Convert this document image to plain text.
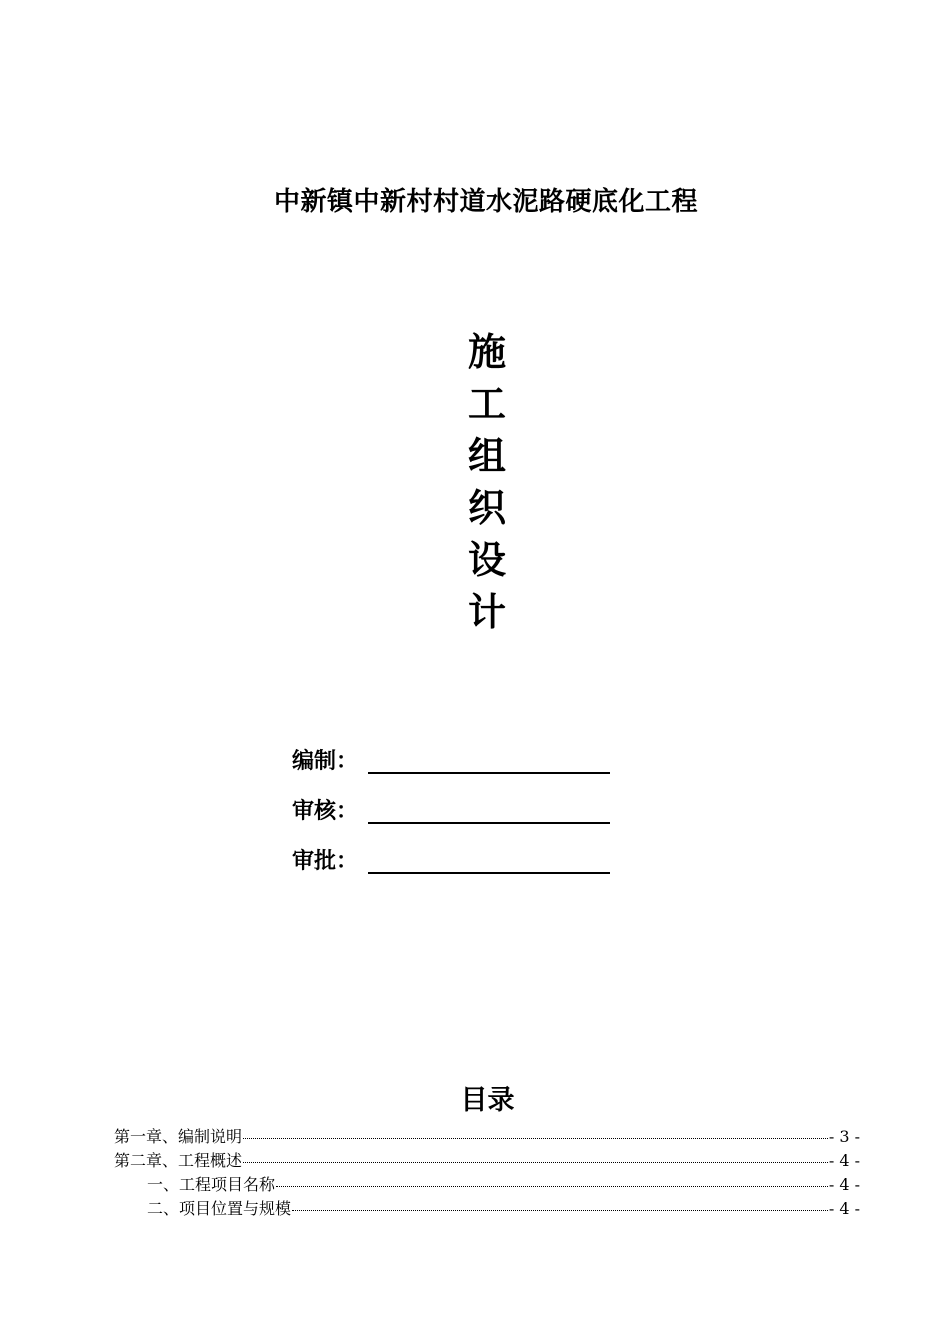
中新镇中新村村道水泥路硬底化工程
施
工
组
织
设
计
编制：
审核：
审批：
目录
第一章、编制说明	- 3 -
第二章、工程概述	- 4 -
一、工程项目名称	- 4 -
二、项目位置与规模	- 4 -
